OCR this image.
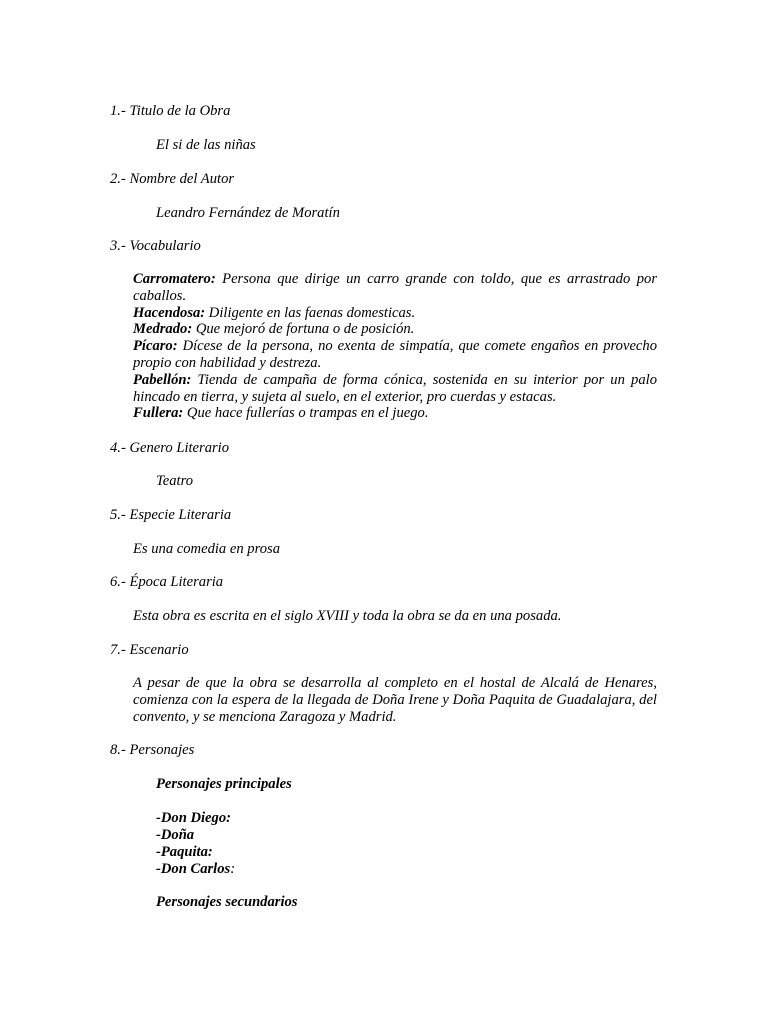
1.- Titulo de la Obra
El si de las niñas
2.- Nombre del Autor
Leandro Fernández de Moratín
3.- Vocabulario

Carromatero: Persona que dirige un carro grande con toldo, que es arrastrado por caballos.

Hacendosa: Diligente en las faenas domesticas.

Medrado: Que mejoró de fortuna o de posición.

Pícaro: Dícese de la persona, no exenta de simpatía, que comete engaños en provecho propio con habilidad y destreza.

Pabellón: Tienda de campaña de forma cónica, sostenida en su interior por un palo hincado en tierra, y sujeta al suelo, en el exterior, pro cuerdas y estacas.

Fullera: Que hace fullerías o trampas en el juego.

4.- Genero Literario
Teatro
5.- Especie Literaria
Es una comedia en prosa
6.- Época Literaria
Esta obra es escrita en el siglo XVIII y toda la obra se da en una posada.
7.- Escenario

A pesar de que la obra se desarrolla al completo en el hostal de Alcalá de Henares, comienza con la espera de la llegada de Doña Irene y Doña Paquita de Guadalajara, del convento, y se menciona Zaragoza y Madrid.

8.- Personajes
Personajes principales
-Don Diego:
-Doña
-Paquita:
-Don Carlos:
Personajes secundarios
